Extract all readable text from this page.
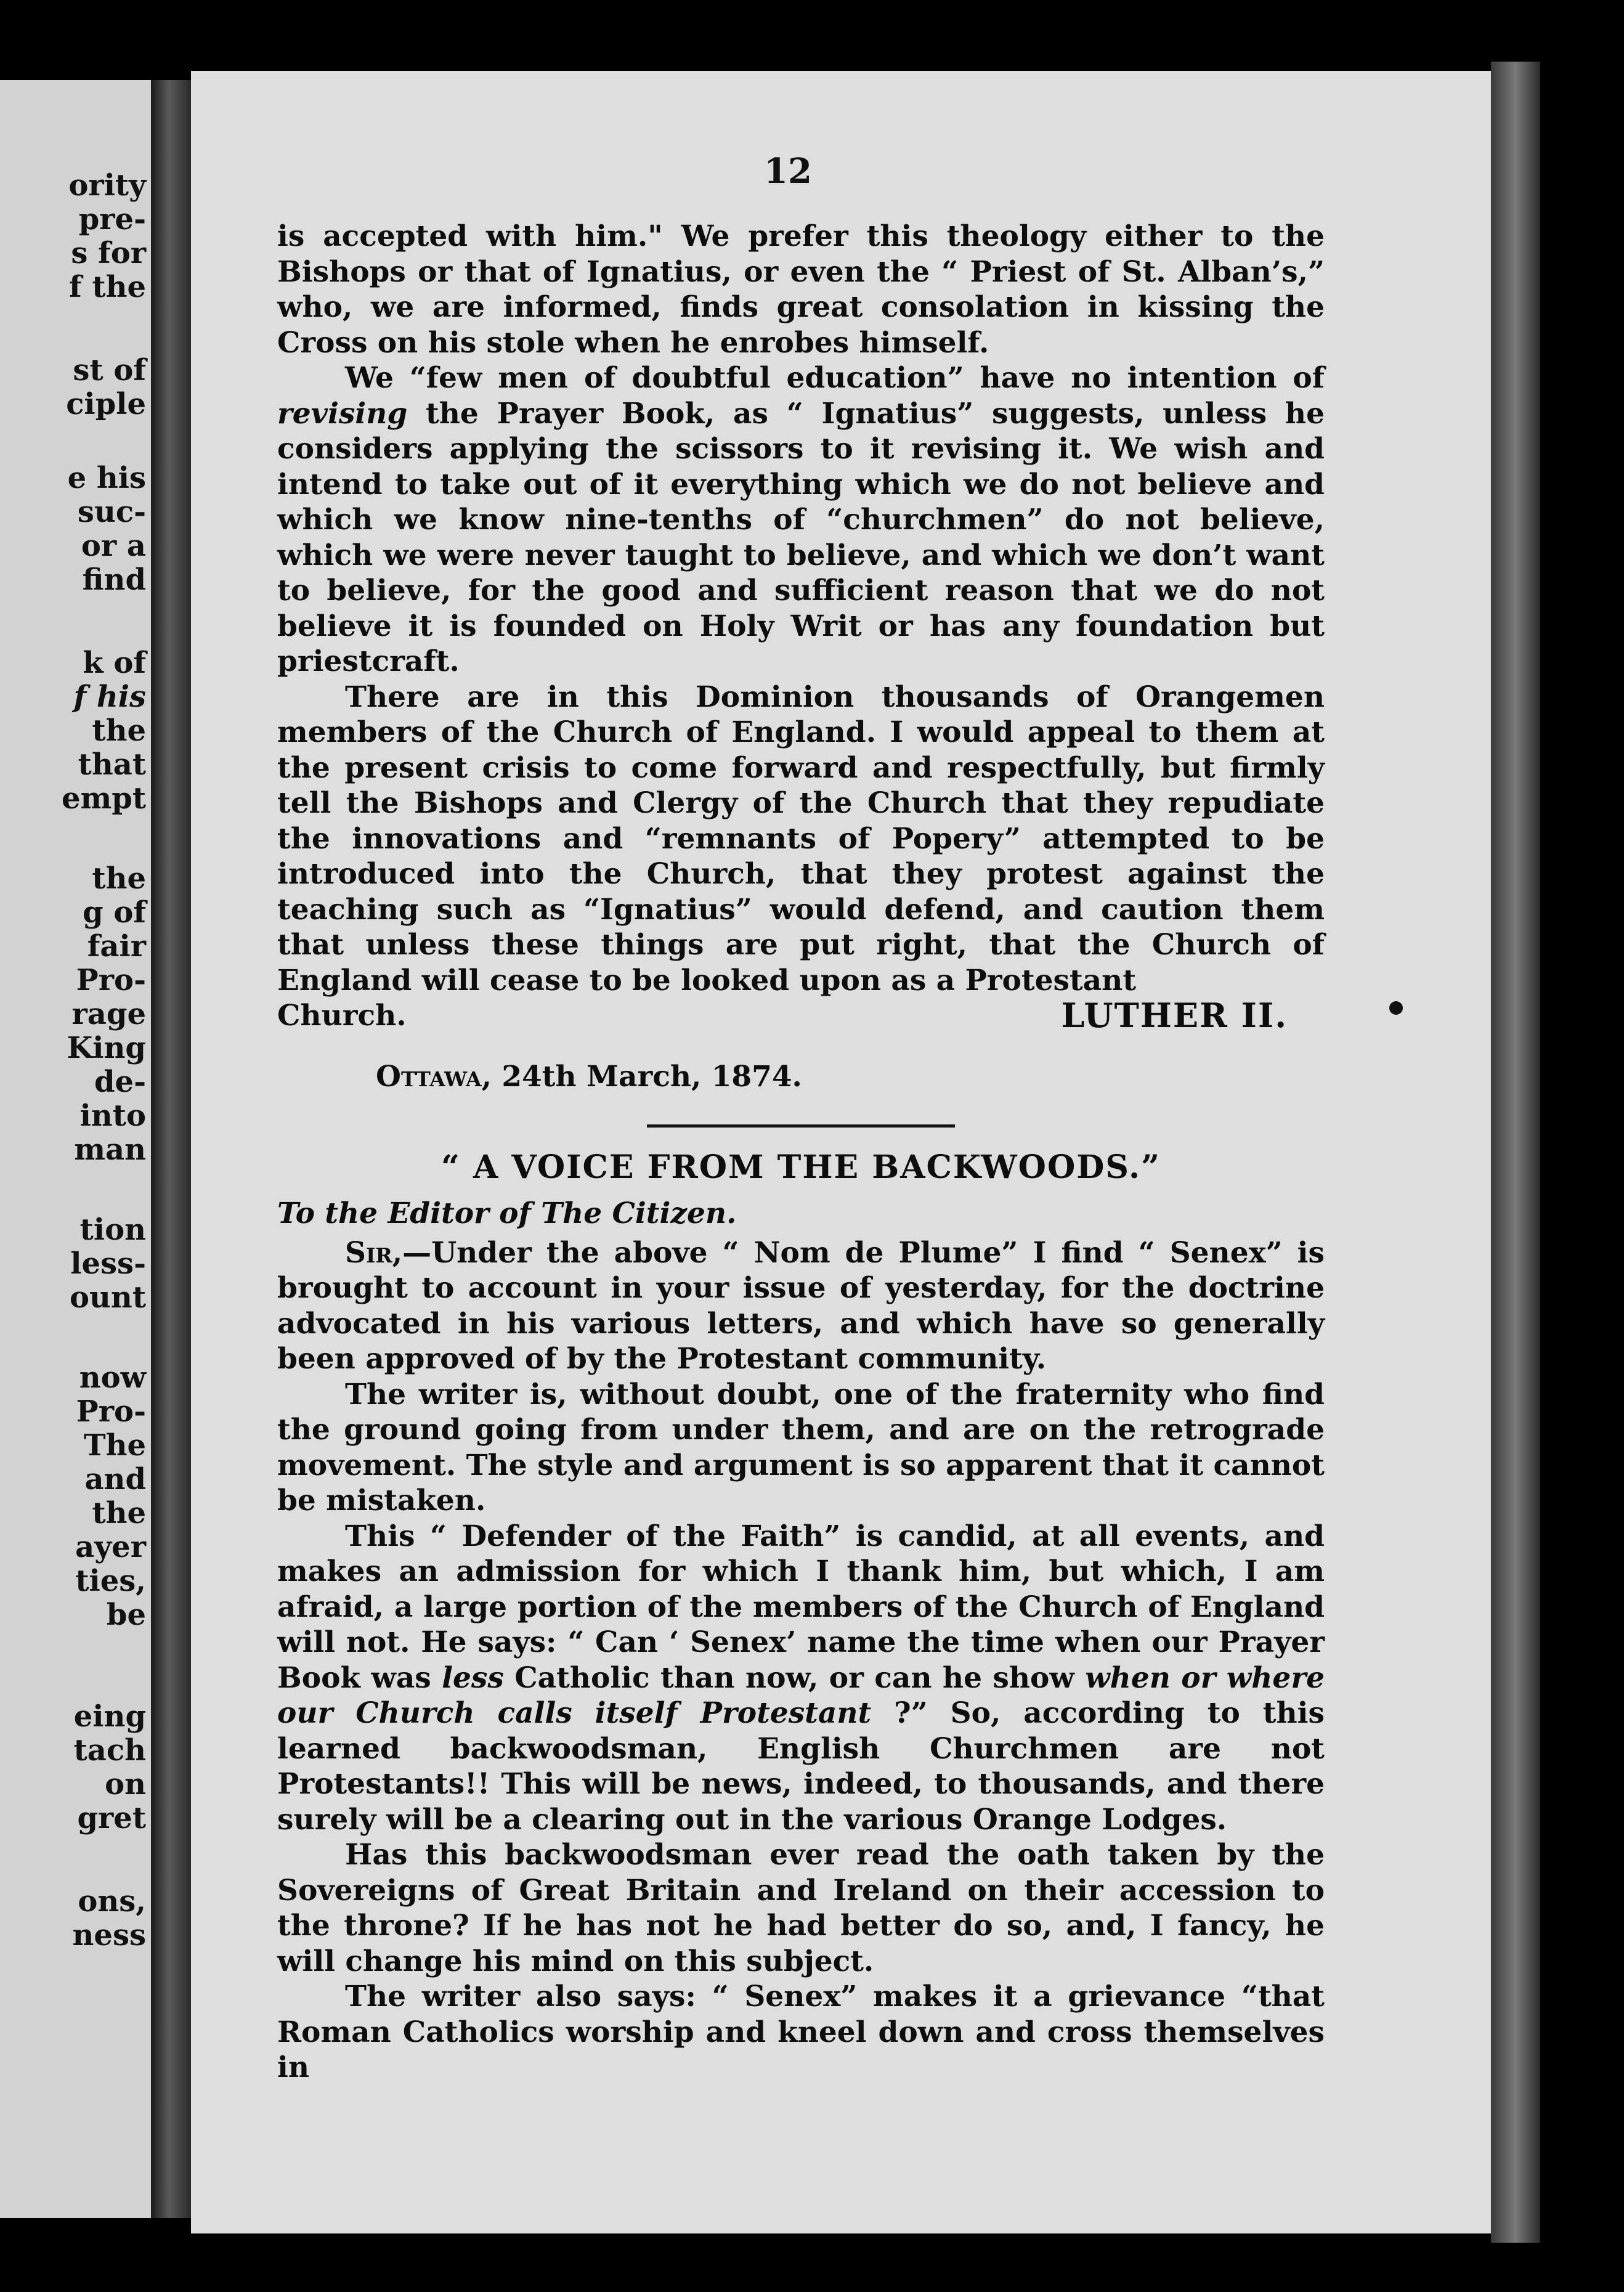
ority
pre-
s for
f the
st of
ciple
e his
suc-
or a
find
k of
f his
the
that
empt
the
g of
fair
Pro-
rage
King
de-
into
man
tion
less-
ount
now
Pro-
The
and
the
ayer
ties,
be
eing
tach
on
gret
ons,
ness
12

is accepted with him." We prefer this theology either to the Bishops or that of Ignatius, or even the “ Priest of St. Alban’s,” who, we are informed, finds great consolation in kissing the Cross on his stole when he enrobes himself.

We “few men of doubtful education” have no intention of revising the Prayer Book, as “ Ignatius” suggests, unless he considers applying the scissors to it revising it. We wish and intend to take out of it everything which we do not believe and which we know nine-tenths of “churchmen” do not believe, which we were never taught to believe, and which we don’t want to believe, for the good and sufficient reason that we do not believe it is founded on Holy Writ or has any foundation but priestcraft.

There are in this Dominion thousands of Orangemen members of the Church of England. I would appeal to them at the present crisis to come forward and respectfully, but firmly tell the Bishops and Clergy of the Church that they repudiate the innovations and “remnants of Popery” attempted to be introduced into the Church, that they protest against the teaching such as “Ignatius” would defend, and caution them that unless these things are put right, that the Church of England will cease to be looked upon as a Protestant

Church.	LUTHER II.

Ottawa, 24th March, 1874.

“ A VOICE FROM THE BACKWOODS.”

To the Editor of The Citizen.

Sir,—Under the above “ Nom de Plume” I find “ Senex” is brought to account in your issue of yesterday, for the doctrine advocated in his various letters, and which have so generally been approved of by the Protestant community.

The writer is, without doubt, one of the fraternity who find the ground going from under them, and are on the retrograde movement. The style and argument is so apparent that it cannot be mistaken.

This “ Defender of the Faith” is candid, at all events, and makes an admission for which I thank him, but which, I am afraid, a large portion of the members of the Church of England will not. He says: “ Can ‘ Senex’ name the time when our Prayer Book was less Catholic than now, or can he show when or where our Church calls itself Protestant ?” So, according to this learned backwoodsman, English Churchmen are not Protestants!! This will be news, indeed, to thousands, and there surely will be a clearing out in the various Orange Lodges.

Has this backwoodsman ever read the oath taken by the Sovereigns of Great Britain and Ireland on their accession to the throne? If he has not he had better do so, and, I fancy, he will change his mind on this subject.

The writer also says: “ Senex” makes it a grievance “that Roman Catholics worship and kneel down and cross themselves in
